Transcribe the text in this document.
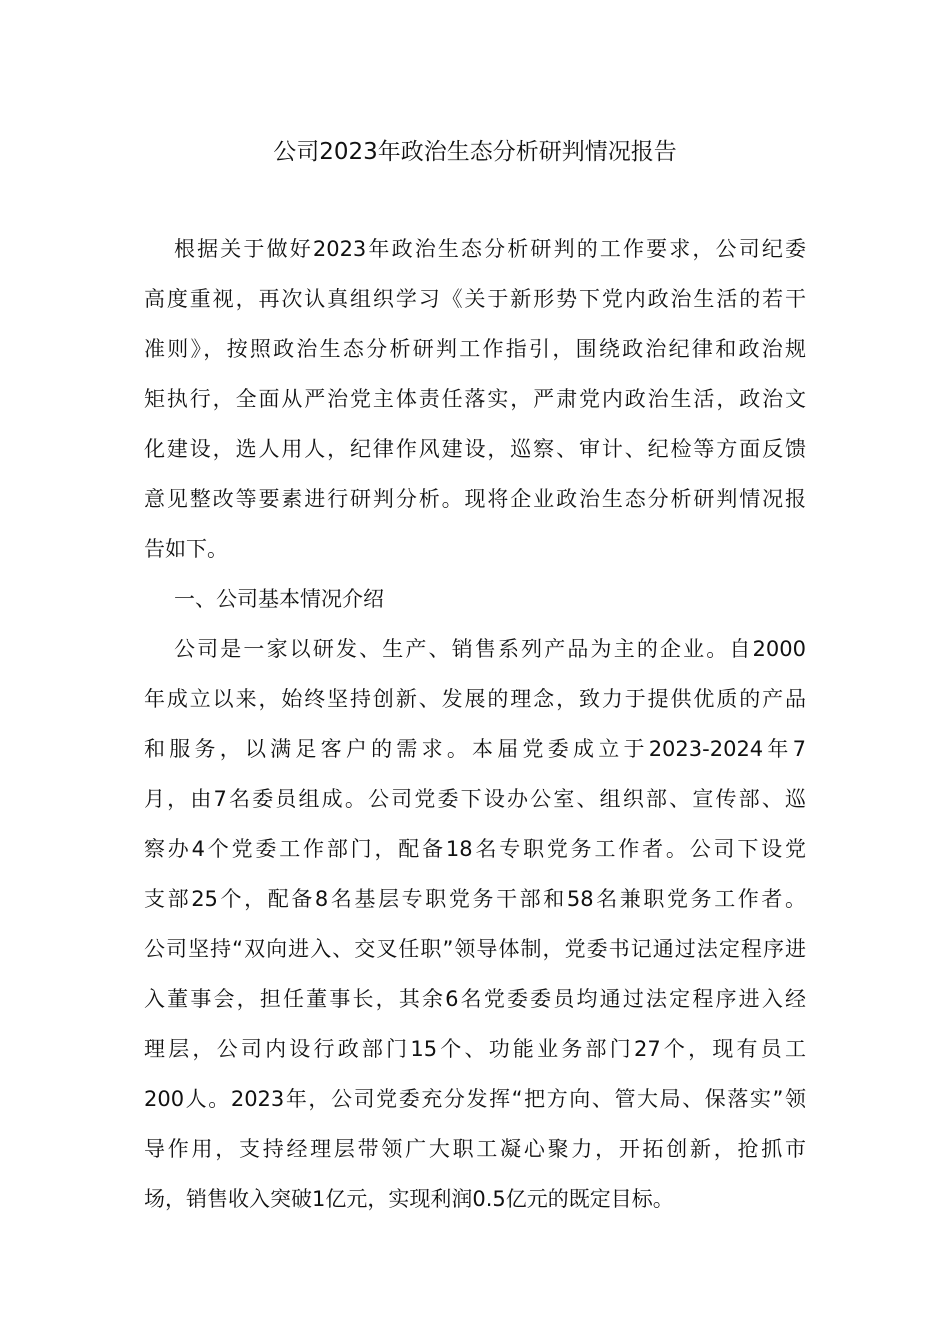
公司2023年政治生态分析研判情况报告
根据关于做好2023年政治生态分析研判的工作要求，公司纪委
高度重视，再次认真组织学习《关于新形势下党内政治生活的若干
准则》，按照政治生态分析研判工作指引，围绕政治纪律和政治规
矩执行，全面从严治党主体责任落实，严肃党内政治生活，政治文
化建设，选人用人，纪律作风建设，巡察、审计、纪检等方面反馈
意见整改等要素进行研判分析。现将企业政治生态分析研判情况报
告如下。
一、公司基本情况介绍
公司是一家以研发、生产、销售系列产品为主的企业。自2000
年成立以来，始终坚持创新、发展的理念，致力于提供优质的产品
和服务，以满足客户的需求。本届党委成立于2023-2024年7
月，由7名委员组成。公司党委下设办公室、组织部、宣传部、巡
察办4个党委工作部门，配备18名专职党务工作者。公司下设党
支部25个，配备8名基层专职党务干部和58名兼职党务工作者。
公司坚持“双向进入、交叉任职”领导体制，党委书记通过法定程序进
入董事会，担任董事长，其余6名党委委员均通过法定程序进入经
理层，公司内设行政部门15个、功能业务部门27个，现有员工
200人。2023年，公司党委充分发挥“把方向、管大局、保落实”领
导作用，支持经理层带领广大职工凝心聚力，开拓创新，抢抓市
场，销售收入突破1亿元，实现利润0.5亿元的既定目标。
